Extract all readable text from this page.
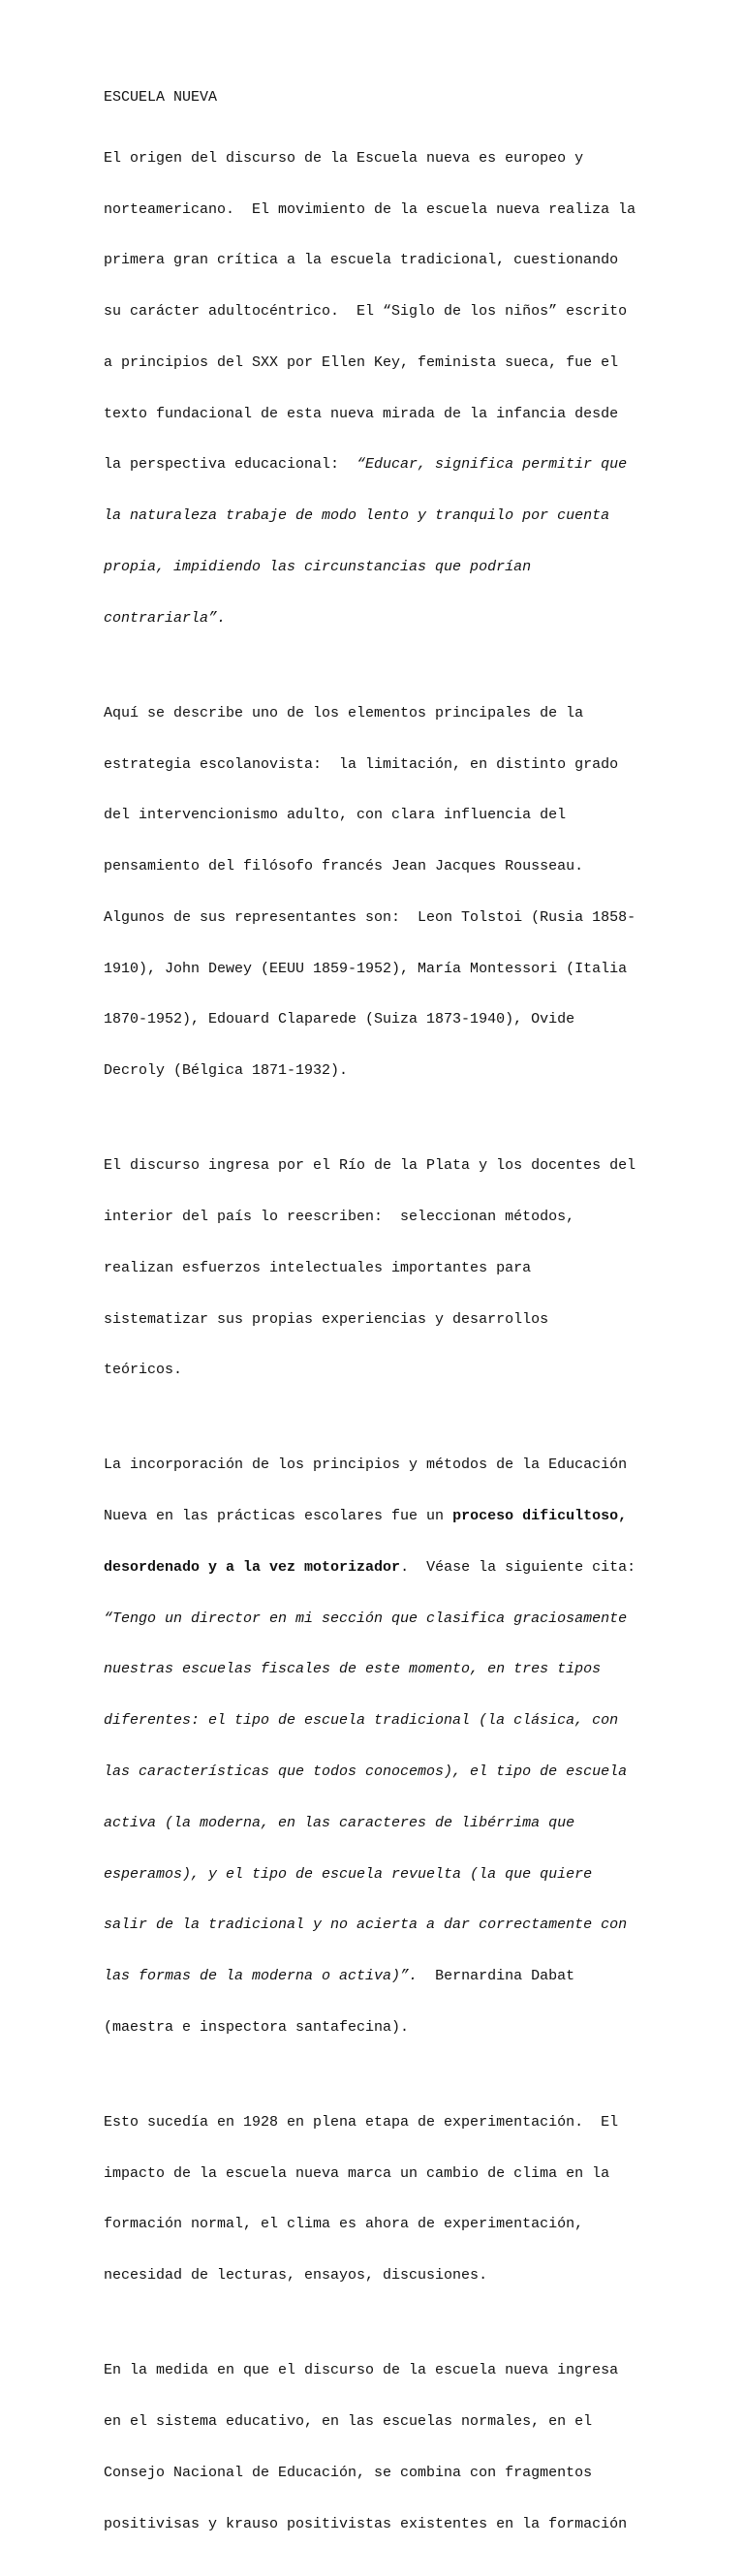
ESCUELA NUEVA

El origen del discurso de la Escuela nueva es europeo y

norteamericano.  El movimiento de la escuela nueva realiza la

primera gran crítica a la escuela tradicional, cuestionando

su carácter adultocéntrico.  El “Siglo de los niños” escrito

a principios del SXX por Ellen Key, feminista sueca, fue el

texto fundacional de esta nueva mirada de la infancia desde

la perspectiva educacional:  “Educar, significa permitir que

la naturaleza trabaje de modo lento y tranquilo por cuenta

propia, impidiendo las circunstancias que podrían

contrariarla”.

Aquí se describe uno de los elementos principales de la

estrategia escolanovista:  la limitación, en distinto grado

del intervencionismo adulto, con clara influencia del

pensamiento del filósofo francés Jean Jacques Rousseau.

Algunos de sus representantes son:  Leon Tolstoi (Rusia 1858-

1910), John Dewey (EEUU 1859-1952), María Montessori (Italia

1870-1952), Edouard Claparede (Suiza 1873-1940), Ovide

Decroly (Bélgica 1871-1932).

El discurso ingresa por el Río de la Plata y los docentes del

interior del país lo reescriben:  seleccionan métodos,

realizan esfuerzos intelectuales importantes para

sistematizar sus propias experiencias y desarrollos

teóricos.

La incorporación de los principios y métodos de la Educación

Nueva en las prácticas escolares fue un proceso dificultoso,

desordenado y a la vez motorizador.  Véase la siguiente cita:

“Tengo un director en mi sección que clasifica graciosamente

nuestras escuelas fiscales de este momento, en tres tipos

diferentes: el tipo de escuela tradicional (la clásica, con

las características que todos conocemos), el tipo de escuela

activa (la moderna, en las caracteres de libérrima que

esperamos), y el tipo de escuela revuelta (la que quiere

salir de la tradicional y no acierta a dar correctamente con

las formas de la moderna o activa)”.  Bernardina Dabat

(maestra e inspectora santafecina).

Esto sucedía en 1928 en plena etapa de experimentación.  El

impacto de la escuela nueva marca un cambio de clima en la

formación normal, el clima es ahora de experimentación,

necesidad de lecturas, ensayos, discusiones.

En la medida en que el discurso de la escuela nueva ingresa

en el sistema educativo, en las escuelas normales, en el

Consejo Nacional de Educación, se combina con fragmentos

positivisas y krauso positivistas existentes en la formación
